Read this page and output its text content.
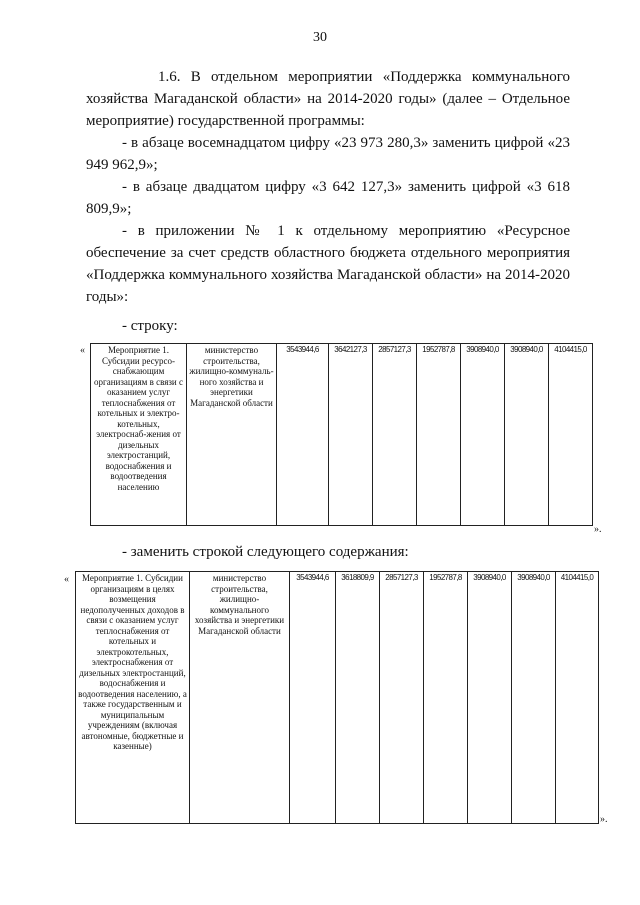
30

1.6. В отдельном мероприятии «Поддержка коммунального

хозяйства Магаданской области» на 2014-2020 годы» (далее – Отдельное мероприятие) государственной программы:

- в абзаце восемнадцатом цифру «23 973 280,3» заменить цифрой «23 949 962,9»;

- в абзаце двадцатом цифру «3 642 127,3» заменить цифрой «3 618 809,9»;

- в приложении № 1 к отдельному мероприятию «Ресурсное обеспечение за счет средств областного бюджета отдельного мероприятия «Поддержка коммунального хозяйства Магаданской области» на 2014-2020 годы»:

- строку:
«	Мероприятие 1. Субсидии ресурсо-снабжающим организациям в связи с оказанием услуг теплоснабжения от котельных и электро-котельных, электроснаб-жения от дизельных электростанций, водоснабжения и водоотведения населению	министерство строительства, жилищно-коммуналь-ного хозяйства и энергетики Магаданской области	3543944,6	3642127,3	2857127,3	1952787,8	3908940,0	3908940,0	4104415,0
».
- заменить строкой следующего содержания:
« Мероприятие 1. Субсидии организациям в целях возмещения недополученных доходов в связи с оказанием услуг теплоснабжения от котельных и электрокотельных, электроснабжения от дизельных электростанций, водоснабжения и водоотведения населению, а также государственным и муниципальным учреждениям (включая автономные, бюджетные и казенные)	министерство строительства, жилищно-коммунального хозяйства и энергетики Магаданской области	3543944,6	3618809,9	2857127,3	1952787,8	3908940,0	3908940,0	4104415,0
».
